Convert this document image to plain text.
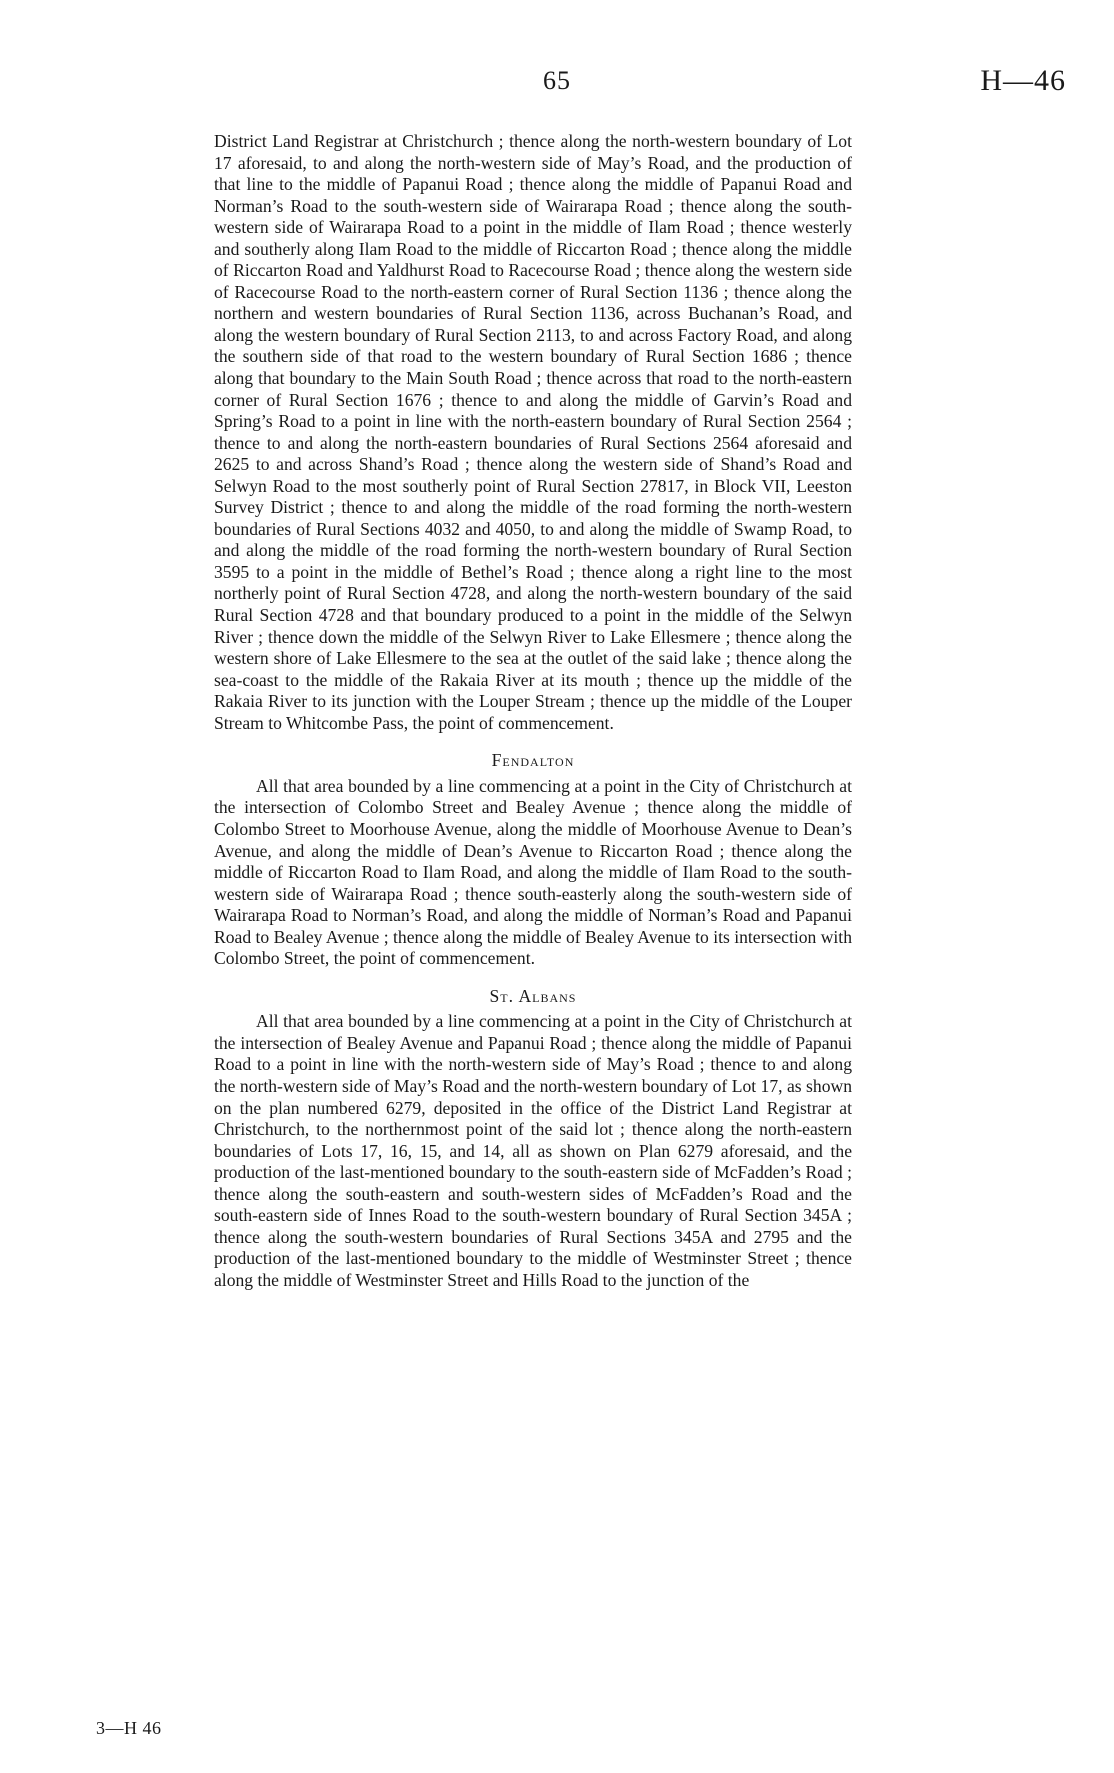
65	H—46

District Land Registrar at Christchurch ; thence along the north-western boundary of Lot 17 aforesaid, to and along the north-western side of May’s Road, and the production of that line to the middle of Papanui Road ; thence along the middle of Papanui Road and Norman’s Road to the south-western side of Wairarapa Road ; thence along the south-western side of Wairarapa Road to a point in the middle of Ilam Road ; thence westerly and southerly along Ilam Road to the middle of Riccarton Road ; thence along the middle of Riccarton Road and Yaldhurst Road to Racecourse Road ; thence along the western side of Racecourse Road to the north-eastern corner of Rural Section 1136 ; thence along the northern and western boundaries of Rural Section 1136, across Buchanan’s Road, and along the western boundary of Rural Section 2113, to and across Factory Road, and along the southern side of that road to the western boundary of Rural Section 1686 ; thence along that boundary to the Main South Road ; thence across that road to the north-eastern corner of Rural Section 1676 ; thence to and along the middle of Garvin’s Road and Spring’s Road to a point in line with the north-eastern boundary of Rural Section 2564 ; thence to and along the north-eastern boundaries of Rural Sections 2564 aforesaid and 2625 to and across Shand’s Road ; thence along the western side of Shand’s Road and Selwyn Road to the most southerly point of Rural Section 27817, in Block VII, Leeston Survey District ; thence to and along the middle of the road forming the north-western boundaries of Rural Sections 4032 and 4050, to and along the middle of Swamp Road, to and along the middle of the road forming the north-western boundary of Rural Section 3595 to a point in the middle of Bethel’s Road ; thence along a right line to the most northerly point of Rural Section 4728, and along the north-western boundary of the said Rural Section 4728 and that boundary produced to a point in the middle of the Selwyn River ; thence down the middle of the Selwyn River to Lake Ellesmere ; thence along the western shore of Lake Ellesmere to the sea at the outlet of the said lake ; thence along the sea-coast to the middle of the Rakaia River at its mouth ; thence up the middle of the Rakaia River to its junction with the Louper Stream ; thence up the middle of the Louper Stream to Whitcombe Pass, the point of commencement.

Fendalton

All that area bounded by a line commencing at a point in the City of Christchurch at the intersection of Colombo Street and Bealey Avenue ; thence along the middle of Colombo Street to Moorhouse Avenue, along the middle of Moorhouse Avenue to Dean’s Avenue, and along the middle of Dean’s Avenue to Riccarton Road ; thence along the middle of Riccarton Road to Ilam Road, and along the middle of Ilam Road to the south-western side of Wairarapa Road ; thence south-easterly along the south-western side of Wairarapa Road to Norman’s Road, and along the middle of Norman’s Road and Papanui Road to Bealey Avenue ; thence along the middle of Bealey Avenue to its intersection with Colombo Street, the point of commencement.

St. Albans

All that area bounded by a line commencing at a point in the City of Christchurch at the intersection of Bealey Avenue and Papanui Road ; thence along the middle of Papanui Road to a point in line with the north-western side of May’s Road ; thence to and along the north-western side of May’s Road and the north-western boundary of Lot 17, as shown on the plan numbered 6279, deposited in the office of the District Land Registrar at Christchurch, to the northernmost point of the said lot ; thence along the north-eastern boundaries of Lots 17, 16, 15, and 14, all as shown on Plan 6279 aforesaid, and the production of the last-mentioned boundary to the south-eastern side of McFadden’s Road ; thence along the south-eastern and south-western sides of McFadden’s Road and the south-eastern side of Innes Road to the south-western boundary of Rural Section 345A ; thence along the south-western boundaries of Rural Sections 345A and 2795 and the production of the last-mentioned boundary to the middle of Westminster Street ; thence along the middle of Westminster Street and Hills Road to the junction of the

3—H 46
